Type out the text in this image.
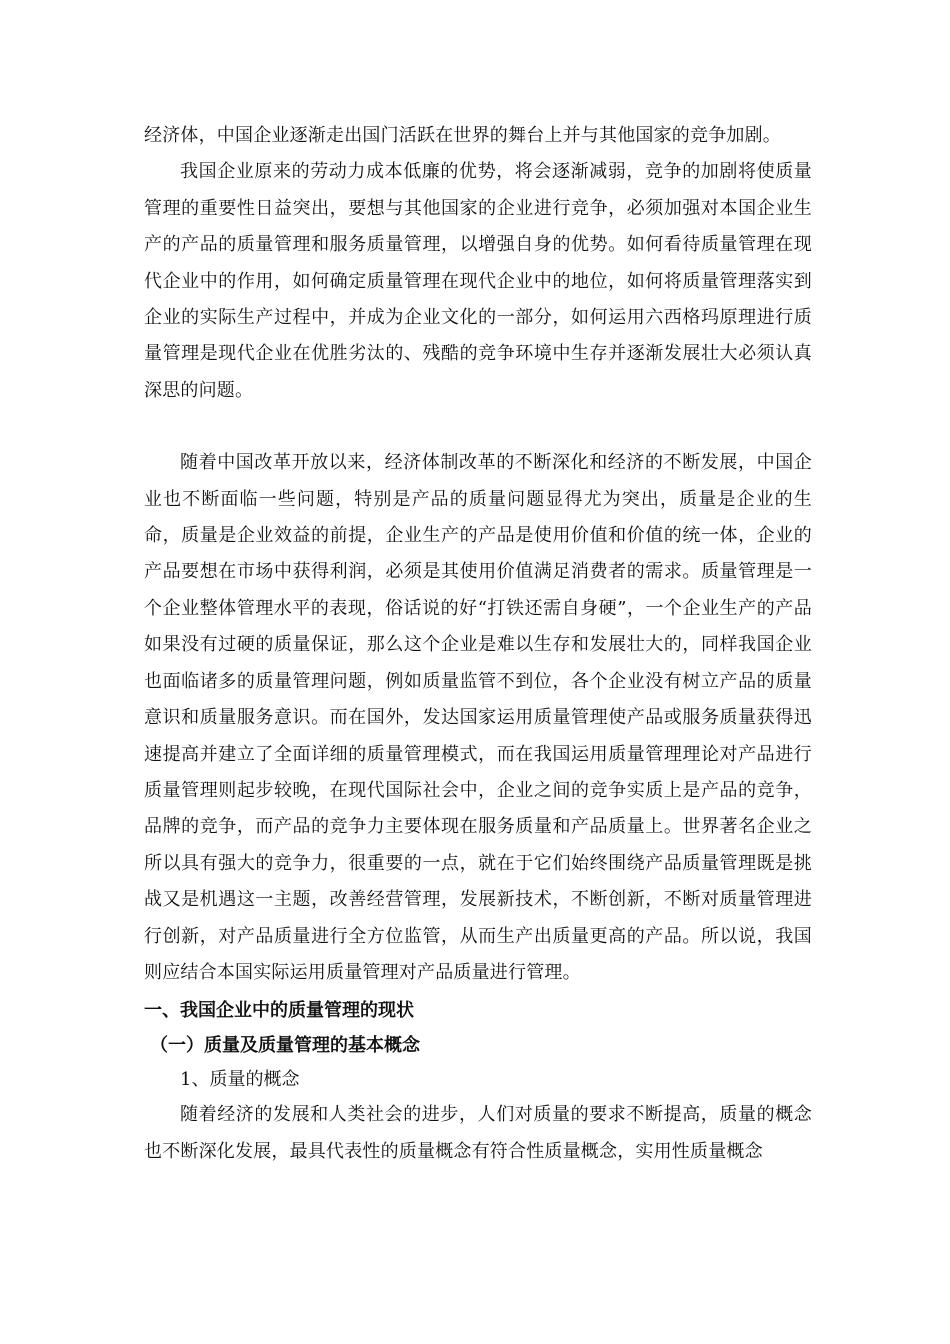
经济体，中国企业逐渐走出国门活跃在世界的舞台上并与其他国家的竞争加剧。

我国企业原来的劳动力成本低廉的优势，将会逐渐减弱，竞争的加剧将使质量管理的重要性日益突出，要想与其他国家的企业进行竞争，必须加强对本国企业生产的产品的质量管理和服务质量管理，以增强自身的优势。如何看待质量管理在现代企业中的作用，如何确定质量管理在现代企业中的地位，如何将质量管理落实到企业的实际生产过程中，并成为企业文化的一部分，如何运用六西格玛原理进行质量管理是现代企业在优胜劣汰的、残酷的竞争环境中生存并逐渐发展壮大必须认真深思的问题。

随着中国改革开放以来，经济体制改革的不断深化和经济的不断发展，中国企业也不断面临一些问题，特别是产品的质量问题显得尤为突出，质量是企业的生命，质量是企业效益的前提，企业生产的产品是使用价值和价值的统一体，企业的产品要想在市场中获得利润，必须是其使用价值满足消费者的需求。质量管理是一个企业整体管理水平的表现，俗话说的好“打铁还需自身硬”，一个企业生产的产品如果没有过硬的质量保证，那么这个企业是难以生存和发展壮大的，同样我国企业也面临诸多的质量管理问题，例如质量监管不到位，各个企业没有树立产品的质量意识和质量服务意识。而在国外，发达国家运用质量管理使产品或服务质量获得迅速提高并建立了全面详细的质量管理模式，而在我国运用质量管理理论对产品进行质量管理则起步较晚，在现代国际社会中，企业之间的竞争实质上是产品的竞争，品牌的竞争，而产品的竞争力主要体现在服务质量和产品质量上。世界著名企业之所以具有强大的竞争力，很重要的一点，就在于它们始终围绕产品质量管理既是挑战又是机遇这一主题，改善经营管理，发展新技术，不断创新，不断对质量管理进行创新，对产品质量进行全方位监管，从而生产出质量更高的产品。所以说，我国则应结合本国实际运用质量管理对产品质量进行管理。

一、我国企业中的质量管理的现状
（一）质量及质量管理的基本概念
1、质量的概念

随着经济的发展和人类社会的进步，人们对质量的要求不断提高，质量的概念也不断深化发展，最具代表性的质量概念有符合性质量概念，实用性质量概念
